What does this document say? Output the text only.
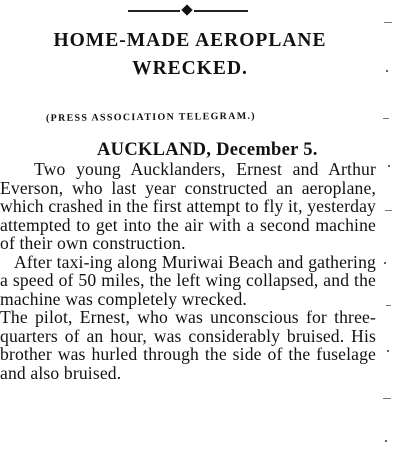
HOME-MADE AEROPLANE
WRECKED.
(PRESS ASSOCIATION TELEGRAM.)
AUCKLAND, December 5.

Two young Aucklanders, Ernest and Arthur Everson, who last year constructed an aeroplane, which crashed in the first attempt to fly it, yesterday attempted to get into the air with a second machine of their own construction.

After taxi-ing along Muriwai Beach and gathering a speed of 50 miles, the left wing collapsed, and the machine was completely wrecked.

The pilot, Ernest, who was unconscious for three-quarters of an hour, was considerably bruised. His brother was hurled through the side of the fuselage and also bruised.
